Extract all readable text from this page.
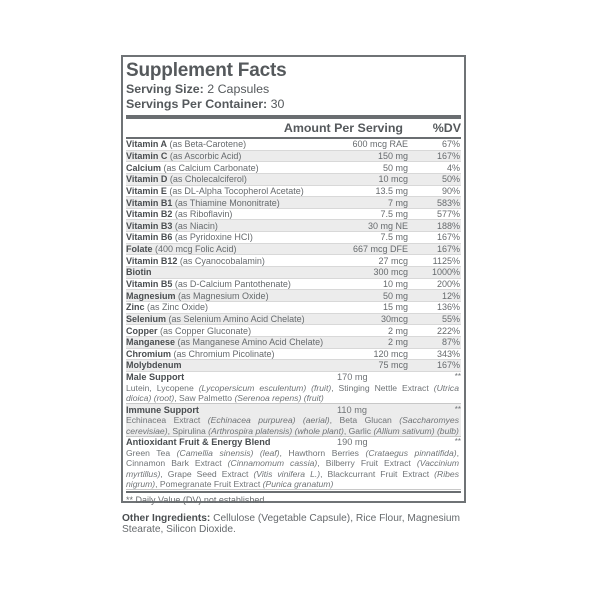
Supplement Facts
Serving Size: 2 Capsules
Servings Per Container: 30
Amount Per Serving	%DV
Vitamin A (as Beta-Carotene)	600 mcg RAE	67%
Vitamin C (as Ascorbic Acid)	150 mg	167%
Calcium (as Calcium Carbonate)	50 mg	4%
Vitamin D (as Cholecalciferol)	10 mcg	50%
Vitamin E (as DL-Alpha Tocopherol Acetate)	13.5 mg	90%
Vitamin B1 (as Thiamine Mononitrate)	7 mg	583%
Vitamin B2 (as Riboflavin)	7.5 mg	577%
Vitamin B3 (as Niacin)	30 mg NE	188%
Vitamin B6 (as Pyridoxine HCI)	7.5 mg	167%
Folate (400 mcg Folic Acid)	667 mcg DFE	167%
Vitamin B12 (as Cyanocobalamin)	27 mcg	1125%
Biotin	300 mcg	1000%
Vitamin B5 (as D-Calcium Pantothenate)	10 mg	200%
Magnesium (as Magnesium Oxide)	50 mg	12%
Zinc (as Zinc Oxide)	15 mg	136%
Selenium (as Selenium Amino Acid Chelate)	30mcg	55%
Copper (as Copper Gluconate)	2 mg	222%
Manganese (as Manganese Amino Acid Chelate)	2 mg	87%
Chromium (as Chromium Picolinate)	120 mcg	343%
Molybdenum	75 mcg	167%
Male Support	170 mg	**
Lutein, Lycopene (Lycopersicum esculentum) (fruit), Stinging Nettle Extract (Utrica dioica) (root), Saw Palmetto (Serenoa repens) (fruit)
Immune Support	110 mg	**
Echinacea Extract (Echinacea purpurea) (aerial), Beta Glucan (Saccharomyes cerevisiae), Spirulina (Arthrospira platensis) (whole plant), Garlic (Allium sativum) (bulb)
Antioxidant Fruit & Energy Blend	190 mg	**
Green Tea (Camellia sinensis) (leaf), Hawthorn Berries (Crataegus pinnatifida), Cinnamon Bark Extract (Cinnamomum cassia), Bilberry Fruit Extract (Vaccinium myrtillus), Grape Seed Extract (Vitis vinifera L.), Blackcurrant Fruit Extract (Ribes nigrum), Pomegranate Fruit Extract (Punica granatum)
** Daily Value (DV) not established
Other Ingredients: Cellulose (Vegetable Capsule), Rice Flour, Magnesium Stearate, Silicon Dioxide.
